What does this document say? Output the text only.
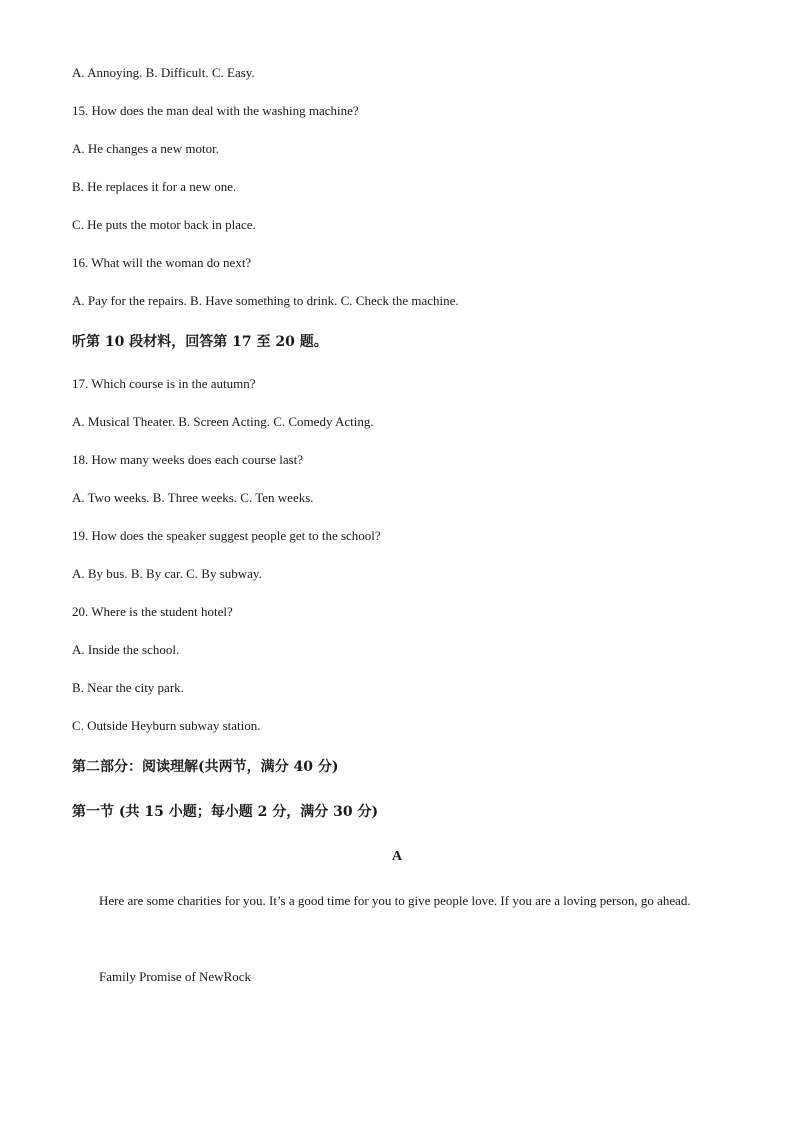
A. Annoying. B. Difficult. C. Easy.
15. How does the man deal with the washing machine?
A. He changes a new motor.
B. He replaces it for a new one.
C. He puts the motor back in place.
16. What will the woman do next?
A. Pay for the repairs. B. Have something to drink. C. Check the machine.
听第 10 段材料，回答第 17 至 20 题。
17. Which course is in the autumn?
A. Musical Theater. B. Screen Acting. C. Comedy Acting.
18. How many weeks does each course last?
A. Two weeks. B. Three weeks. C. Ten weeks.
19. How does the speaker suggest people get to the school?
A. By bus. B. By car. C. By subway.
20. Where is the student hotel?
A. Inside the school.
B. Near the city park.
C. Outside Heyburn subway station.
第二部分：阅读理解(共两节，满分 40 分)
第一节 (共 15 小题；每小题 2 分，满分 30 分)
A
Here are some charities for you. It’s a good time for you to give people love. If you are a loving person, go ahead.
Family Promise of NewRock
